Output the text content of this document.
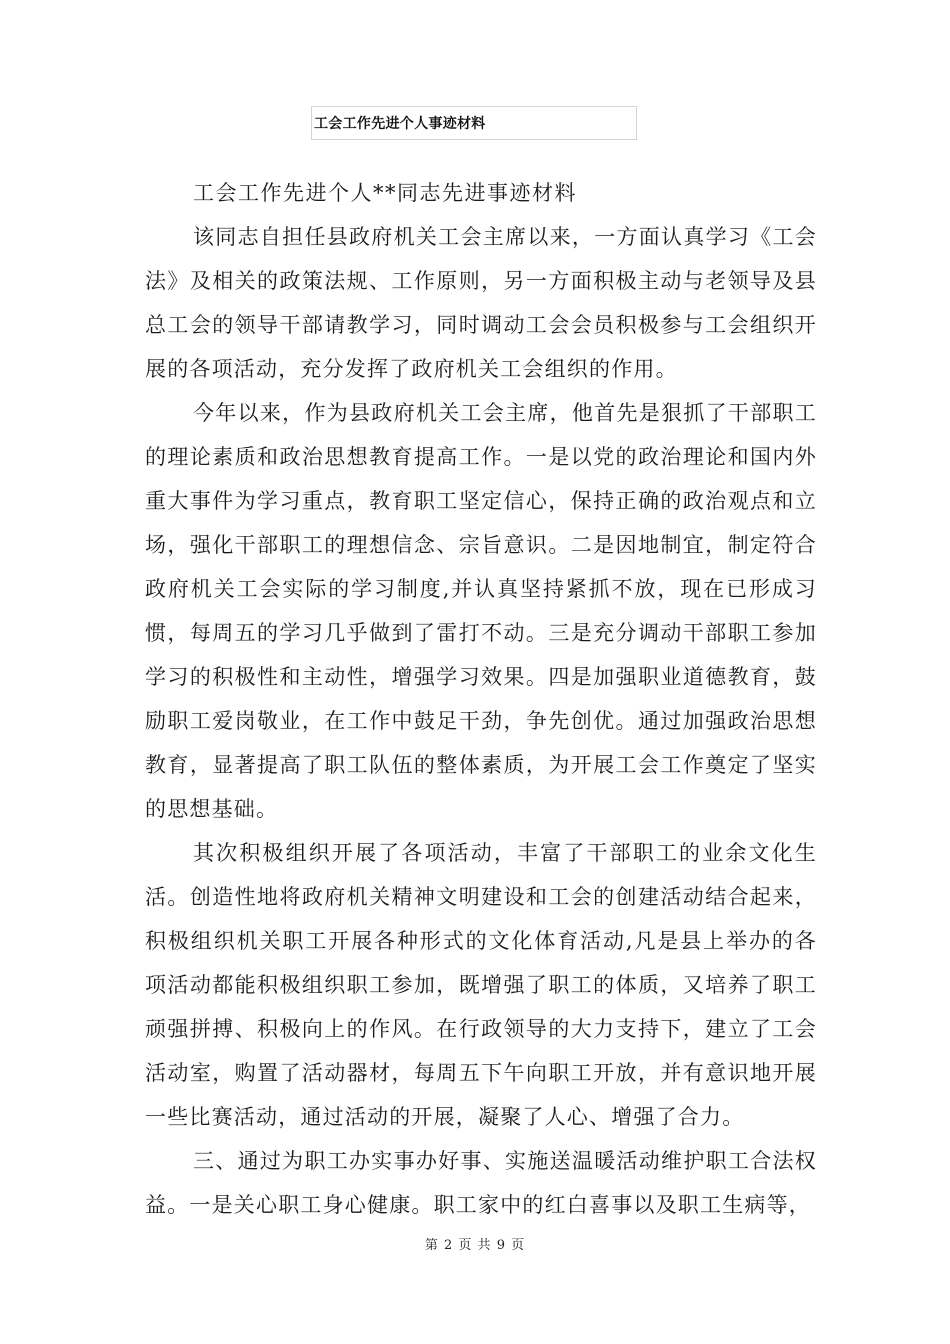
工会工作先进个人事迹材料

工会工作先进个人**同志先进事迹材料

该同志自担任县政府机关工会主席以来，一方面认真学习《工会

法》及相关的政策法规、工作原则，另一方面积极主动与老领导及县

总工会的领导干部请教学习，同时调动工会会员积极参与工会组织开

展的各项活动，充分发挥了政府机关工会组织的作用。

今年以来，作为县政府机关工会主席，他首先是狠抓了干部职工

的理论素质和政治思想教育提高工作。一是以党的政治理论和国内外

重大事件为学习重点，教育职工坚定信心，保持正确的政治观点和立

场，强化干部职工的理想信念、宗旨意识。二是因地制宜，制定符合

政府机关工会实际的学习制度,并认真坚持紧抓不放，现在已形成习

惯，每周五的学习几乎做到了雷打不动。三是充分调动干部职工参加

学习的积极性和主动性，增强学习效果。四是加强职业道德教育，鼓

励职工爱岗敬业，在工作中鼓足干劲，争先创优。通过加强政治思想

教育，显著提高了职工队伍的整体素质，为开展工会工作奠定了坚实

的思想基础。

其次积极组织开展了各项活动，丰富了干部职工的业余文化生

活。创造性地将政府机关精神文明建设和工会的创建活动结合起来，

积极组织机关职工开展各种形式的文化体育活动,凡是县上举办的各

项活动都能积极组织职工参加，既增强了职工的体质，又培养了职工

顽强拼搏、积极向上的作风。在行政领导的大力支持下，建立了工会

活动室，购置了活动器材，每周五下午向职工开放，并有意识地开展

一些比赛活动，通过活动的开展，凝聚了人心、增强了合力。

三、通过为职工办实事办好事、实施送温暖活动维护职工合法权

益。一是关心职工身心健康。职工家中的红白喜事以及职工生病等，

第 2 页 共 9 页
